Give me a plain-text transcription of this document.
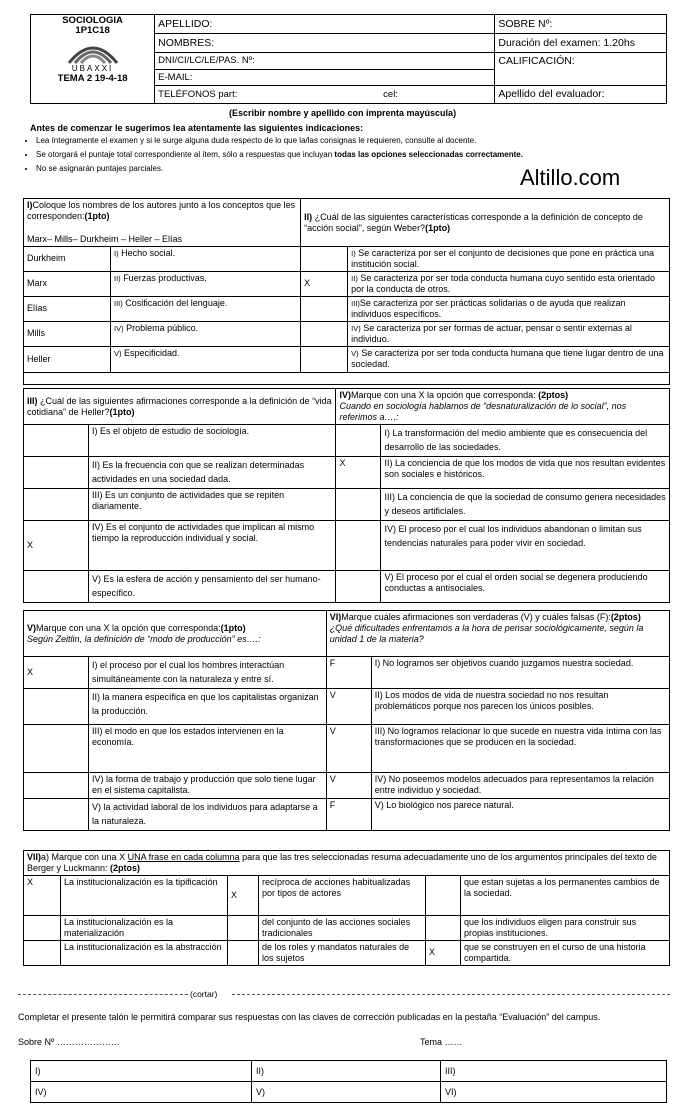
SOCIOLOGIA
1P1C18
UBAXXI
TEMA 2 19-4-18	APELLIDO:	SOBRE Nº:
	NOMBRES:	Duración del examen: 1.20hs
	DNI/CI/LC/LE/PAS. Nº:	CALIFICACIÓN:
	E-MAIL:	
	TELÉFONOS part: cel:	Apellido del evaluador:
(Escribir nombre y apellido con imprenta mayúscula)
Antes de comenzar le sugerimos lea atentamente las siguientes indicaciones:
• Lea íntegramente el examen y si le surge alguna duda respecto de lo que la/las consignas le requieren, consulte al docente.
• Se otorgará el puntaje total correspondiente al ítem, sólo a respuestas que incluyan todas las opciones seleccionadas correctamente.
• No se asignarán puntajes parciales.	Altillo.com
I)Coloque los nombres de los autores junto a los conceptos que les corresponden:(1pto)
Marx– Mills– Durkheim – Heller – Elías		II) ¿Cuál de las siguientes características corresponde a la definición de concepto de “acción social”, según Weber?(1pto)	
Durkheim	I) Hecho social.		I) Se caracteriza por ser el conjunto de decisiones que pone en práctica una institución social.
Marx	II) Fuerzas productivas.	X	II) Se caracteriza por ser toda conducta humana cuyo sentido esta orientado por la conducta de otros.
Elías	III) Cosificación del lenguaje.		III)Se caracteriza por ser prácticas solidarias o de ayuda que realizan individuos específicos.
Mills	IV) Problema público.		IV) Se caracteriza por ser formas de actuar, pensar o sentir externas al individuo.
Heller	V) Especificidad.		V) Se caracteriza por ser toda conducta humana que tiene lugar dentro de una sociedad.

III) ¿Cuál de las siguientes afirmaciones corresponde a la definición de “vida cotidiana” de Heller?(1pto)		IV)Marque con una X la opción que corresponda: (2ptos)
Cuando en sociología hablamos de “desnaturalización de lo social”, nos referimos a….:	
	I) Es el objeto de estudio de sociología.		I) La transformación del medio ambiente que es consecuencia del desarrollo de las sociedades.
	II) Es la frecuencia con que se realizan determinadas actividades en una sociedad dada.	X	II) La conciencia de que los modos de vida que nos resultan evidentes son sociales e históricos.
	III) Es un conjunto de actividades que se repiten diariamente.		III) La conciencia de que la sociedad de consumo genera necesidades y deseos artificiales.
X	IV) Es el conjunto de actividades que implican al mismo tiempo la reproducción individual y social.		IV) El proceso por el cual los individuos abandonan o limitan sus tendencias naturales para poder vivir en sociedad.
	V) Es la esfera de acción y pensamiento del ser humano-específico.		V) El proceso por el cual el orden social se degenera produciendo conductas a antisociales.
V)Marque con una X la opción que corresponda:(1pto)
Según Zeitlin, la definición de “modo de producción” es….:		VI)Marque cuáles afirmaciones son verdaderas (V) y cuáles falsas (F):(2ptos)
¿Qué dificultades enfrentamos a la hora de pensar sociológicamente, según la unidad 1 de la materia?	
X	I) el proceso por el cual los hombres interactúan simultáneamente con la naturaleza y entre sí.	F	I) No logramos ser objetivos cuando juzgamos nuestra sociedad.
	II) la manera específica en que los capitalistas organizan la producción.	V	II) Los modos de vida de nuestra sociedad no nos resultan problemáticos porque nos parecen los únicos posibles.
	III) el modo en que los estados intervienen en la economía.	V	III) No logramos relacionar lo que sucede en nuestra vida íntima con las transformaciones que se producen en la sociedad.
	IV) la forma de trabajo y producción que solo tiene lugar en el sistema capitalista.	V	IV) No poseemos modelos adecuados para representamos la relación entre individuo y sociedad.
	V) la actividad laboral de los individuos para adaptarse a la naturaleza.	F	V) Lo biológico nos parece natural.
VII)a) Marque con una X UNA frase en cada columna para que las tres seleccionadas resuma adecuadamente uno de los argumentos principales del texto de Berger y Luckmann: (2ptos)					
X	La institucionalización es la tipificación	X	recíproca de acciones habitualizadas por tipos de actores		que estan sujetas a los permanentes cambios de la sociedad.
	La institucionalización es la materialización		del conjunto de las acciones sociales tradicionales		que los individuos eligen para construir sus propias instituciones.
	La institucionalización es la abstracción		de los roles y mandatos naturales de los sujetos	X	que se construyen en el curso de una historia compartida.
(cortar)
Completar el presente talón le permitirá comparar sus respuestas con las claves de corrección publicadas en la pestaña “Evaluación” del campus.
Sobre Nº …………………	Tema ……
I)	II)	III)
IV)	V)	VI)
